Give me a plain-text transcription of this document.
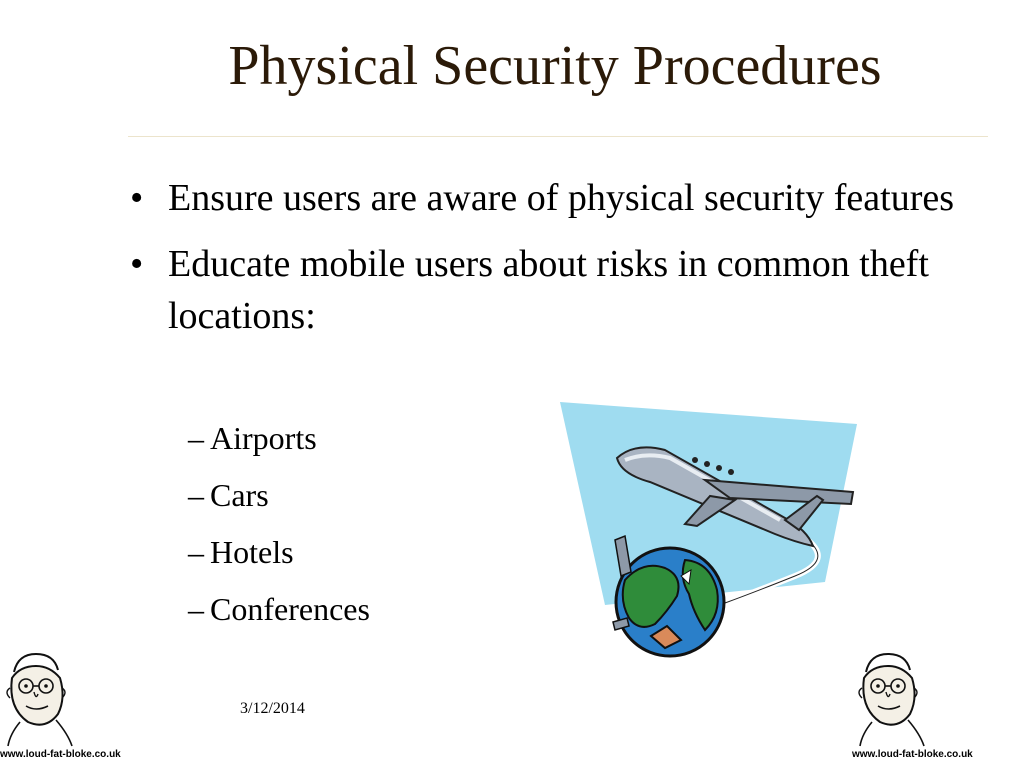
Physical Security Procedures
• Ensure users are aware of physical security features
• Educate mobile users about risks in common theft locations:
– Airports
– Cars
– Hotels
– Conferences
3/12/2014
www.loud-fat-bloke.co.uk	www.loud-fat-bloke.co.uk
